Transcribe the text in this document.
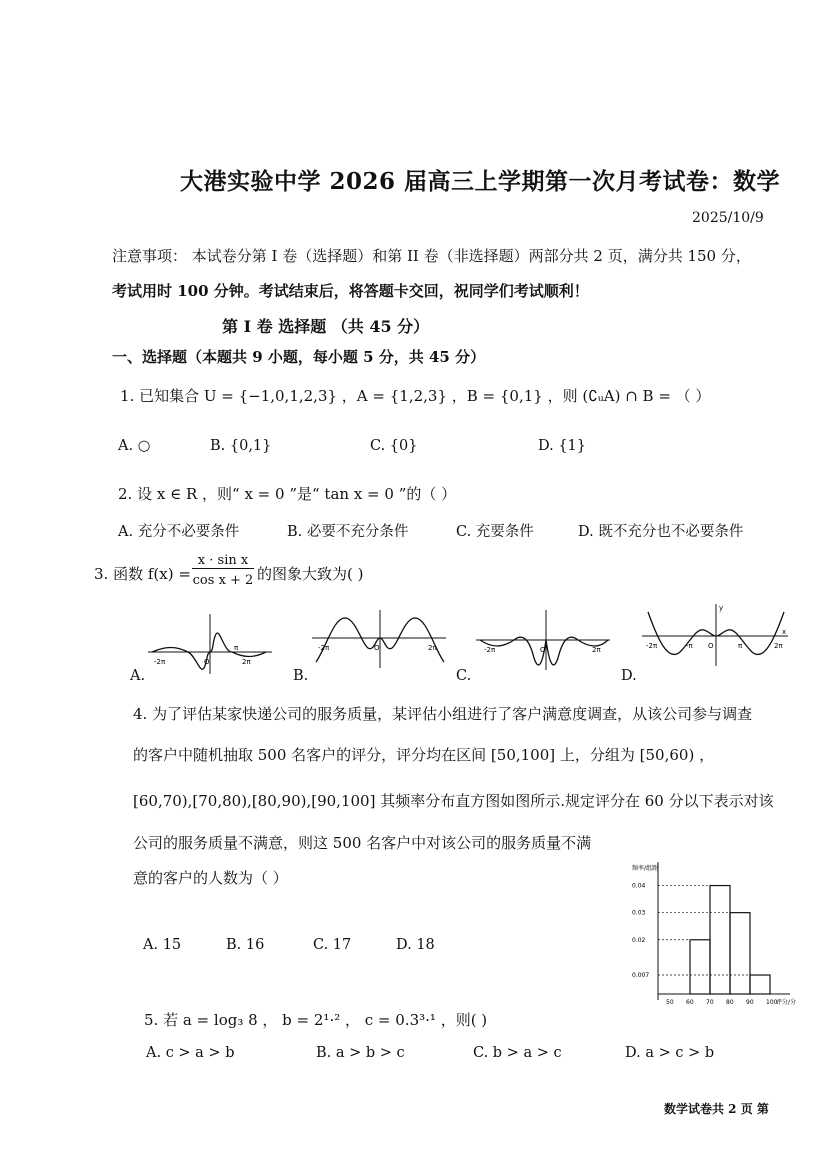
大港实验中学 2026 届高三上学期第一次月考试卷：数学
2025/10/9
注意事项： 本试卷分第 I 卷（选择题）和第 II 卷（非选择题）两部分共 2 页，满分共 150 分，
考试用时 100 分钟。考试结束后，将答题卡交回，祝同学们考试顺利！
第 I 卷 选择题 （共 45 分）
一、选择题（本题共 9 小题，每小题 5 分，共 45 分）
1. 已知集合 U = {−1,0,1,2,3} ，A = {1,2,3} ，B = {0,1} ，则 (∁ᵤA) ∩ B = （ ）
A. ○	B. {0,1}	C. {0}	D. {1}
2. 设 x ∈ R ，则“ x = 0 ”是“ tan x = 0 ”的（ ）
A. 充分不必要条件	B. 必要不充分条件	C. 充要条件	D. 既不充分也不必要条件
3. 函数 f(x) =
x · sin x
cos x + 2 的图象大致为( )
A.	B.	C.	D.
-2π	2π
π
O
-2π	2π
O	-2π	2π
O	-2π	2π
-π	π
O
x
y
4. 为了评估某家快递公司的服务质量，某评估小组进行了客户满意度调查，从该公司参与调查
的客户中随机抽取 500 名客户的评分，评分均在区间 [50,100] 上，分组为 [50,60) ，
[60,70),[70,80),[80,90),[90,100] 其频率分布直方图如图所示.规定评分在 60 分以下表示对该
公司的服务质量不满意，则这 500 名客户中对该公司的服务质量不满
意的客户的人数为（ ）
A. 15	B. 16	C. 17	D. 18
频率/组距
评分/分
50 60 70 80 90 100
0.007
0.02
0.03
0.04
5. 若 a = log₃ 8 ， b = 2¹·² ， c = 0.3³·¹ ，则( )
A. c > a > b	B. a > b > c	C. b > a > c	D. a > c > b
数学试卷共 2 页 第
